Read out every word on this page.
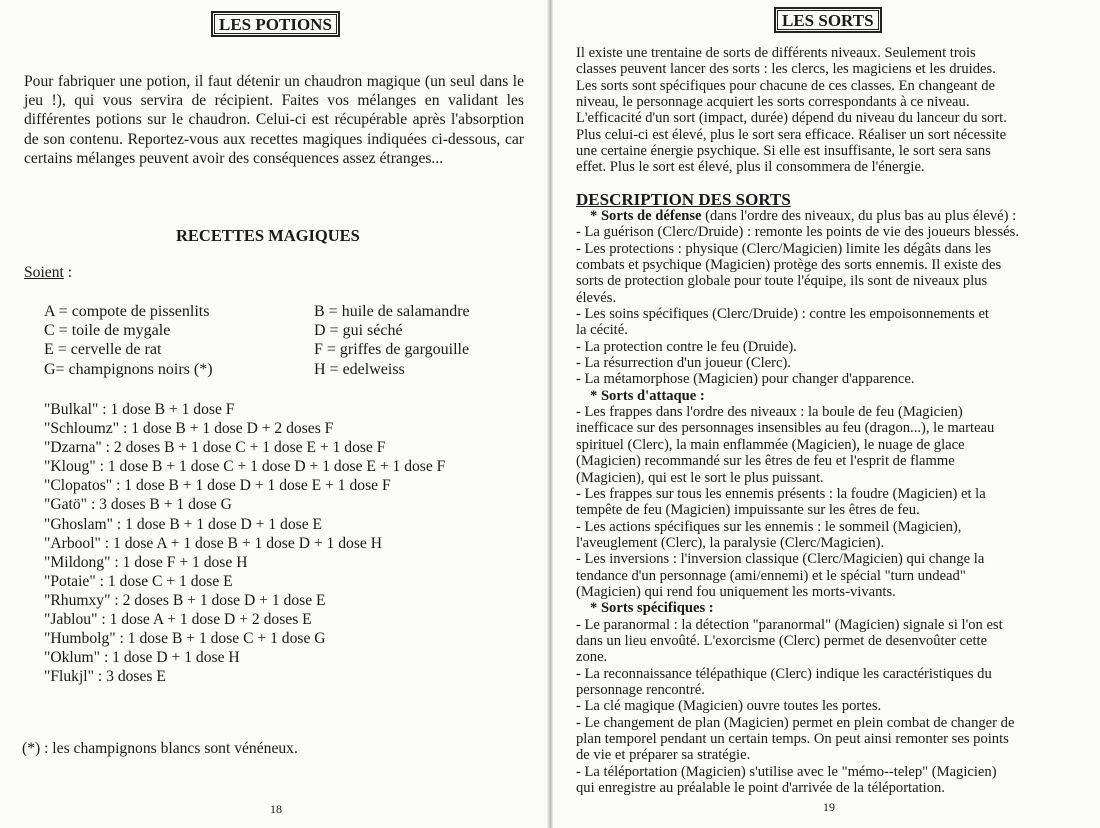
LES POTIONS

Pour fabriquer une potion, il faut détenir un chaudron magique (un seul dans le jeu !), qui vous servira de récipient. Faites vos mélanges en validant les différentes potions sur le chaudron. Celui-ci est récupérable après l'absorption de son contenu. Reportez-vous aux recettes magiques indiquées ci-dessous, car certains mélanges peuvent avoir des conséquences assez étranges...

RECETTES MAGIQUES
Soient :
A = compote de pissenlits	B = huile de salamandre
C = toile de mygale	D = gui séché
E = cervelle de rat	F = griffes de gargouille
G= champignons noirs (*)	H = edelweiss
"Bulkal" : 1 dose B + 1 dose F
"Schloumz" : 1 dose B + 1 dose D + 2 doses F
"Dzarna" : 2 doses B + 1 dose C + 1 dose E + 1 dose F
"Kloug" : 1 dose B + 1 dose C + 1 dose D + 1 dose E + 1 dose F
"Clopatos" : 1 dose B + 1 dose D + 1 dose E + 1 dose F
"Gatö" : 3 doses B + 1 dose G
"Ghoslam" : 1 dose B + 1 dose D + 1 dose E
"Arbool" : 1 dose A + 1 dose B + 1 dose D + 1 dose H
"Mildong" : 1 dose F + 1 dose H
"Potaie" : 1 dose C + 1 dose E
"Rhumxy" : 2 doses B + 1 dose D + 1 dose E
"Jablou" : 1 dose A + 1 dose D + 2 doses E
"Humbolg" : 1 dose B + 1 dose C + 1 dose G
"Oklum" : 1 dose D + 1 dose H
"Flukjl" : 3 doses E
(*) : les champignons blancs sont vénéneux.
18
LES SORTS
Il existe une trentaine de sorts de différents niveaux. Seulement trois
classes peuvent lancer des sorts : les clercs, les magiciens et les druides.
Les sorts sont spécifiques pour chacune de ces classes. En changeant de
niveau, le personnage acquiert les sorts correspondants à ce niveau.
L'efficacité d'un sort (impact, durée) dépend du niveau du lanceur du sort.
Plus celui-ci est élevé, plus le sort sera efficace. Réaliser un sort nécessite
une certaine énergie psychique. Si elle est insuffisante, le sort sera sans
effet. Plus le sort est élevé, plus il consommera de l'énergie.
DESCRIPTION DES SORTS
* Sorts de défense (dans l'ordre des niveaux, du plus bas au plus élevé) :
- La guérison (Clerc/Druide) : remonte les points de vie des joueurs blessés.
- Les protections : physique (Clerc/Magicien) limite les dégâts dans les
combats et psychique (Magicien) protège des sorts ennemis. Il existe des
sorts de protection globale pour toute l'équipe, ils sont de niveaux plus
élevés.
- Les soins spécifiques (Clerc/Druide) : contre les empoisonnements et
la cécité.
- La protection contre le feu (Druide).
- La résurrection d'un joueur (Clerc).
- La métamorphose (Magicien) pour changer d'apparence.
* Sorts d'attaque :
- Les frappes dans l'ordre des niveaux : la boule de feu (Magicien)
inefficace sur des personnages insensibles au feu (dragon...), le marteau
spirituel (Clerc), la main enflammée (Magicien), le nuage de glace
(Magicien) recommandé sur les êtres de feu et l'esprit de flamme
(Magicien), qui est le sort le plus puissant.
- Les frappes sur tous les ennemis présents : la foudre (Magicien) et la
tempête de feu (Magicien) impuissante sur les êtres de feu.
- Les actions spécifiques sur les ennemis : le sommeil (Magicien),
l'aveuglement (Clerc), la paralysie (Clerc/Magicien).
- Les inversions : l'inversion classique (Clerc/Magicien) qui change la
tendance d'un personnage (ami/ennemi) et le spécial "turn undead"
(Magicien) qui rend fou uniquement les morts-vivants.
* Sorts spécifiques :
- Le paranormal : la détection "paranormal" (Magicien) signale si l'on est
dans un lieu envoûté. L'exorcisme (Clerc) permet de desenvoûter cette
zone.
- La reconnaissance télépathique (Clerc) indique les caractéristiques du
personnage rencontré.
- La clé magique (Magicien) ouvre toutes les portes.
- Le changement de plan (Magicien) permet en plein combat de changer de
plan temporel pendant un certain temps. On peut ainsi remonter ses points
de vie et préparer sa stratégie.
- La téléportation (Magicien) s'utilise avec le "mémo--telep" (Magicien)
qui enregistre au préalable le point d'arrivée de la téléportation.
19
